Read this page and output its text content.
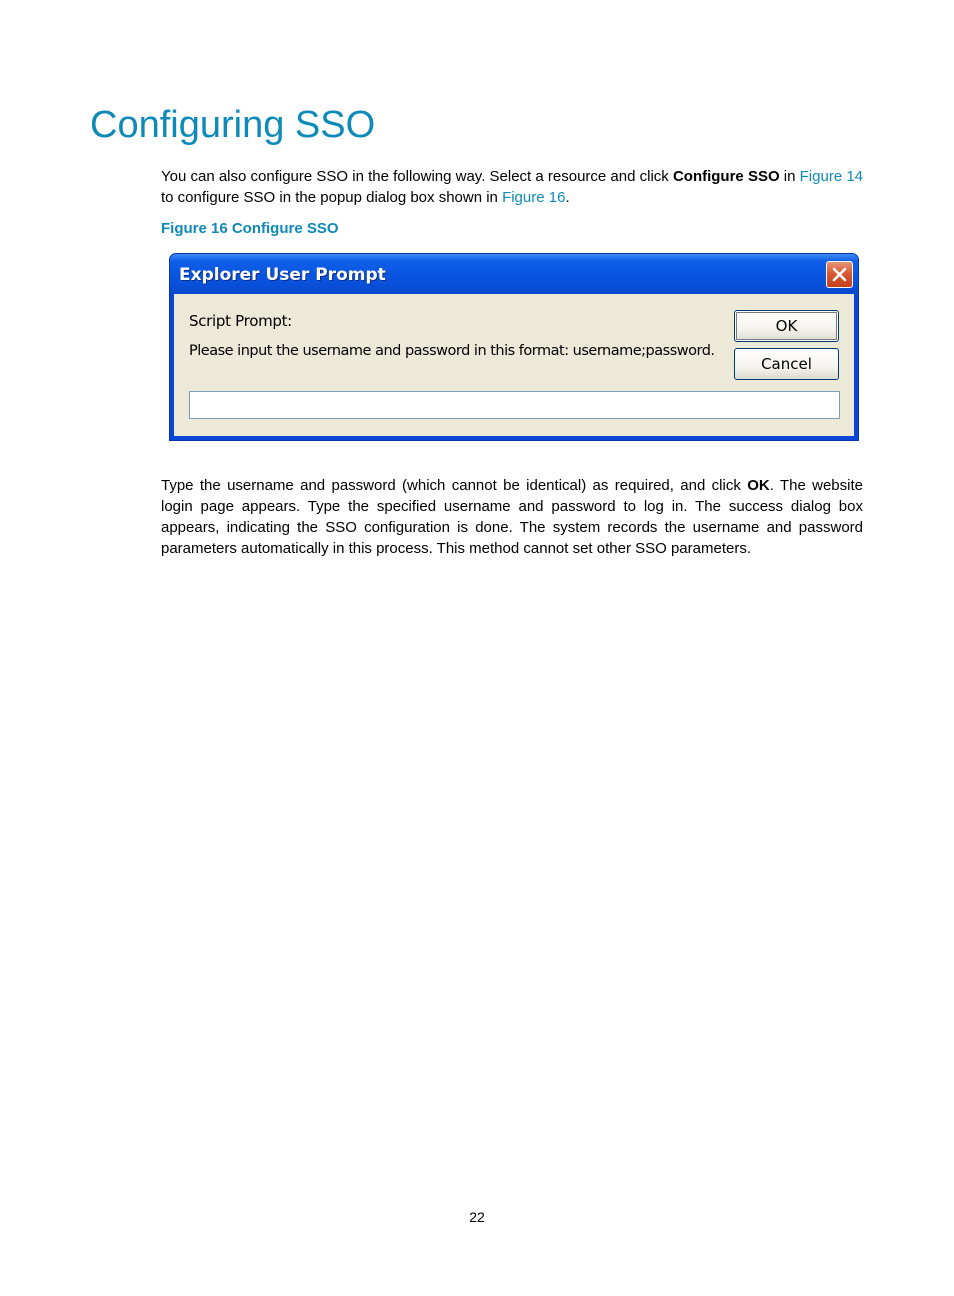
Configuring SSO

You can also configure SSO in the following way. Select a resource and click Configure SSO in Figure 14 to configure SSO in the popup dialog box shown in Figure 16.

Figure 16 Configure SSO

Explorer User Prompt
Script Prompt:
Please input the username and password in this format: username;password.
OK
Cancel

Type the username and password (which cannot be identical) as required, and click OK. The website login page appears. Type the specified username and password to log in. The success dialog box appears, indicating the SSO configuration is done. The system records the username and password parameters automatically in this process. This method cannot set other SSO parameters.

22
